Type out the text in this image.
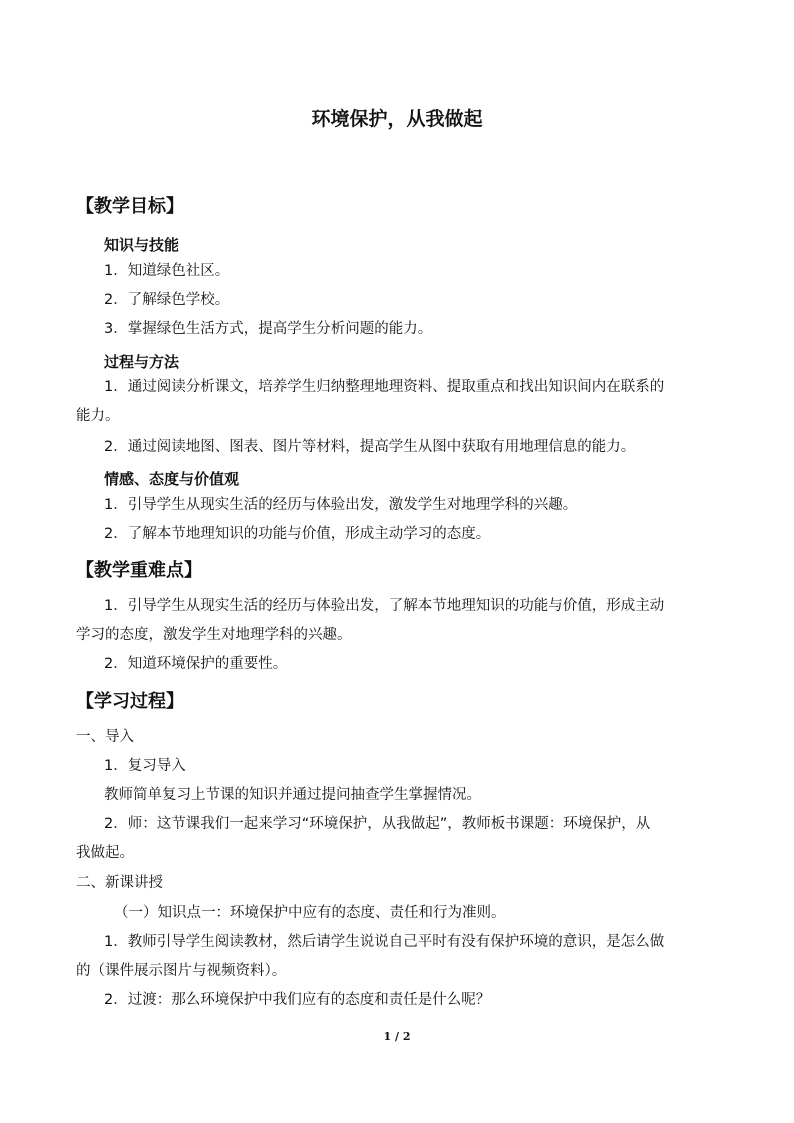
环境保护，从我做起
【教学目标】
知识与技能
1．知道绿色社区。
2．了解绿色学校。
3．掌握绿色生活方式，提高学生分析问题的能力。
过程与方法
1．通过阅读分析课文，培养学生归纳整理地理资料、提取重点和找出知识间内在联系的
能力。
2．通过阅读地图、图表、图片等材料，提高学生从图中获取有用地理信息的能力。
情感、态度与价值观
1．引导学生从现实生活的经历与体验出发，激发学生对地理学科的兴趣。
2．了解本节地理知识的功能与价值，形成主动学习的态度。
【教学重难点】
1．引导学生从现实生活的经历与体验出发，了解本节地理知识的功能与价值，形成主动
学习的态度，激发学生对地理学科的兴趣。
2．知道环境保护的重要性。
【学习过程】
一、导入
1．复习导入
教师简单复习上节课的知识并通过提问抽查学生掌握情况。
2．师：这节课我们一起来学习“环境保护，从我做起”，教师板书课题：环境保护，从
我做起。
二、新课讲授
（一）知识点一：环境保护中应有的态度、责任和行为准则。
1．教师引导学生阅读教材，然后请学生说说自己平时有没有保护环境的意识，是怎么做
的（课件展示图片与视频资料）。
2．过渡：那么环境保护中我们应有的态度和责任是什么呢？
1 / 2
